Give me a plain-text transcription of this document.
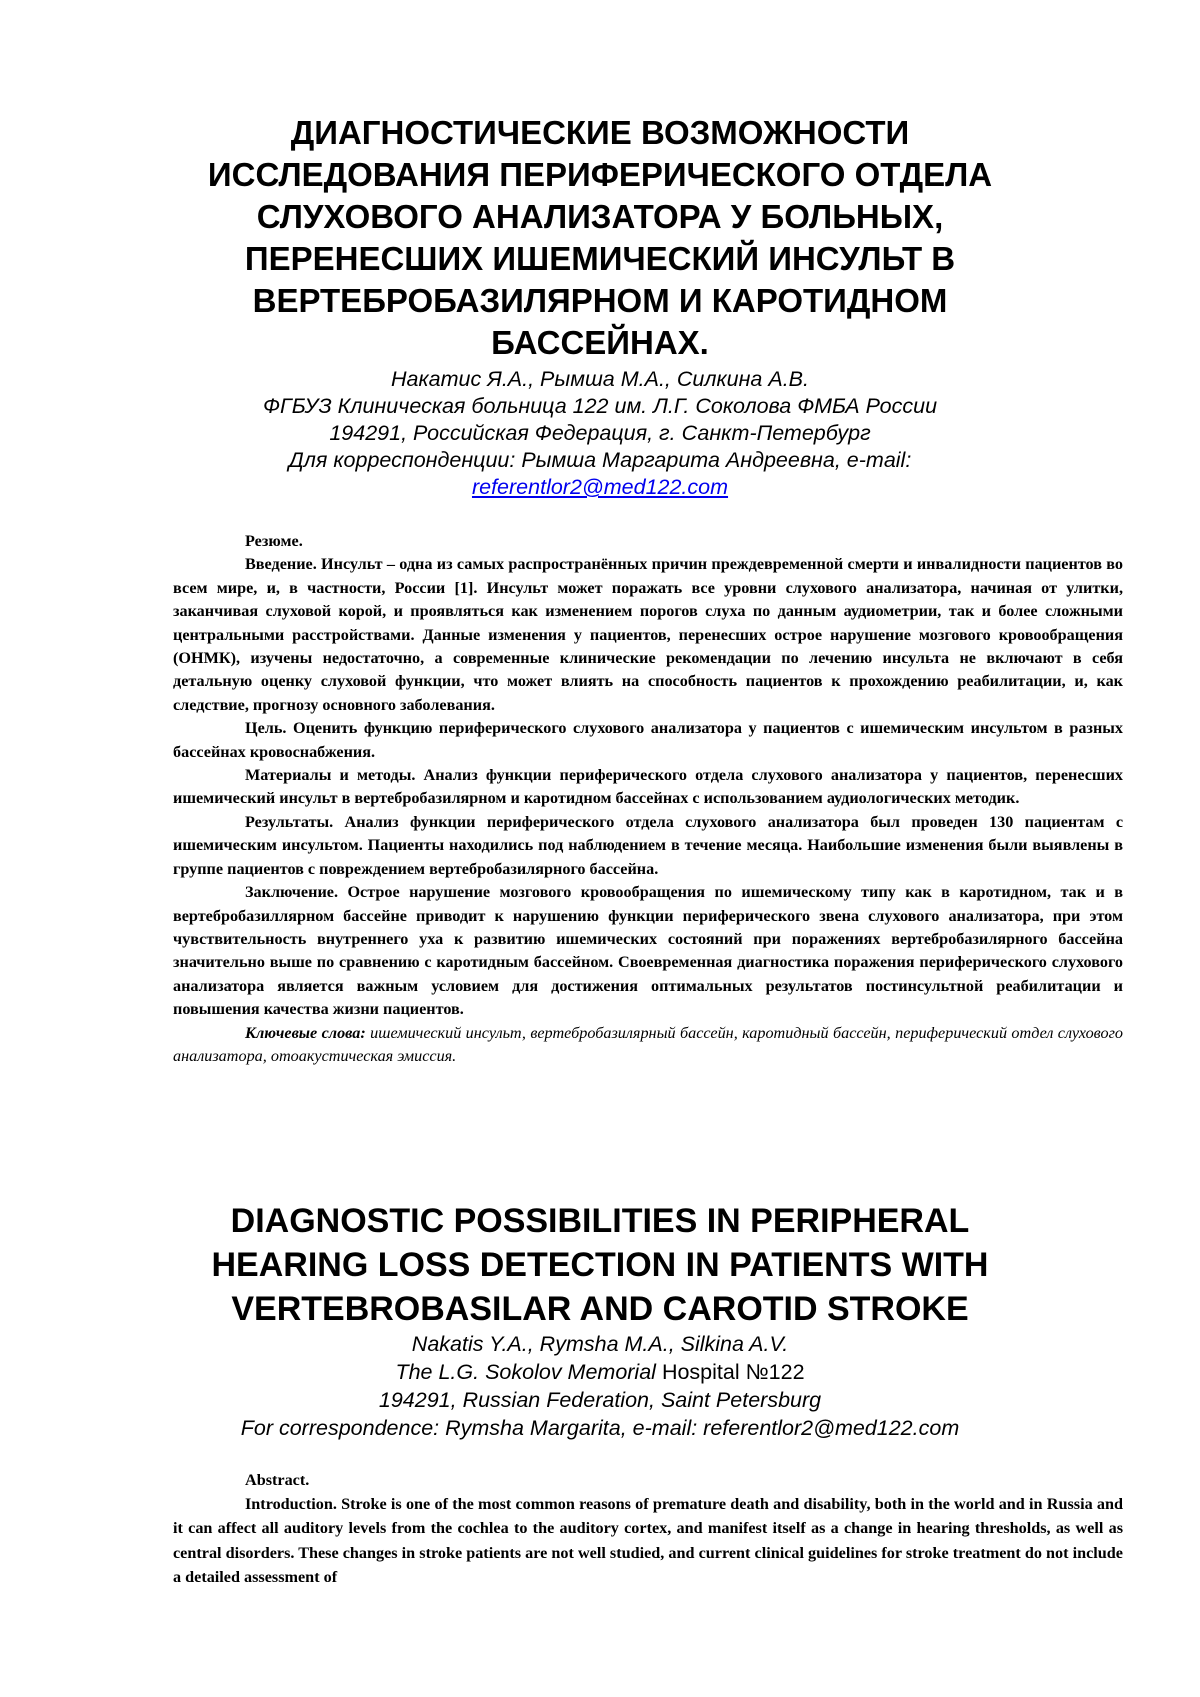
ДИАГНОСТИЧЕСКИЕ ВОЗМОЖНОСТИ ИССЛЕДОВАНИЯ ПЕРИФЕРИЧЕСКОГО ОТДЕЛА СЛУХОВОГО АНАЛИЗАТОРА У БОЛЬНЫХ, ПЕРЕНЕСШИХ ИШЕМИЧЕСКИЙ ИНСУЛЬТ В ВЕРТЕБРОБАЗИЛЯРНОМ И КАРОТИДНОМ БАССЕЙНАХ.
Накатис Я.А., Рымша М.А., Силкина А.В.
ФГБУЗ Клиническая больница 122 им. Л.Г. Соколова ФМБА России
194291, Российская Федерация, г. Санкт-Петербург
Для корреспонденции: Рымша Маргарита Андреевна, e-mail:
referentlor2@med122.com

Резюме.

Введение. Инсульт – одна из самых распространённых причин преждевременной смерти и инвалидности пациентов во всем мире, и, в частности, России [1]. Инсульт может поражать все уровни слухового анализатора, начиная от улитки, заканчивая слуховой корой, и проявляться как изменением порогов слуха по данным аудиометрии, так и более сложными центральными расстройствами. Данные изменения у пациентов, перенесших острое нарушение мозгового кровообращения (ОНМК), изучены недостаточно, а современные клинические рекомендации по лечению инсульта не включают в себя детальную оценку слуховой функции, что может влиять на способность пациентов к прохождению реабилитации, и, как следствие, прогнозу основного заболевания.

Цель. Оценить функцию периферического слухового анализатора у пациентов с ишемическим инсультом в разных бассейнах кровоснабжения.

Материалы и методы. Анализ функции периферического отдела слухового анализатора у пациентов, перенесших ишемический инсульт в вертебробазилярном и каротидном бассейнах с использованием аудиологических методик.

Результаты. Анализ функции периферического отдела слухового анализатора был проведен 130 пациентам с ишемическим инсультом. Пациенты находились под наблюдением в течение месяца. Наибольшие изменения были выявлены в группе пациентов с повреждением вертебробазилярного бассейна.

Заключение. Острое нарушение мозгового кровообращения по ишемическому типу как в каротидном, так и в вертебробазиллярном бассейне приводит к нарушению функции периферического звена слухового анализатора, при этом чувствительность внутреннего уха к развитию ишемических состояний при поражениях вертебробазилярного бассейна значительно выше по сравнению с каротидным бассейном. Своевременная диагностика поражения периферического слухового анализатора является важным условием для достижения оптимальных результатов постинсультной реабилитации и повышения качества жизни пациентов.

Ключевые слова: ишемический инсульт, вертебробазилярный бассейн, каротидный бассейн, периферический отдел слухового анализатора, отоакустическая эмиссия.

DIAGNOSTIC POSSIBILITIES IN PERIPHERAL HEARING LOSS DETECTION IN PATIENTS WITH VERTEBROBASILAR AND CAROTID STROKE
Nakatis Y.A., Rymsha M.A., Silkina A.V.
The L.G. Sokolov Memorial Hospital №122
194291, Russian Federation, Saint Petersburg
For correspondence: Rymsha Margarita, e-mail: referentlor2@med122.com

Abstract.

Introduction. Stroke is one of the most common reasons of premature death and disability, both in the world and in Russia and it can affect all auditory levels from the cochlea to the auditory cortex, and manifest itself as a change in hearing thresholds, as well as central disorders. These changes in stroke patients are not well studied, and current clinical guidelines for stroke treatment do not include a detailed assessment of
